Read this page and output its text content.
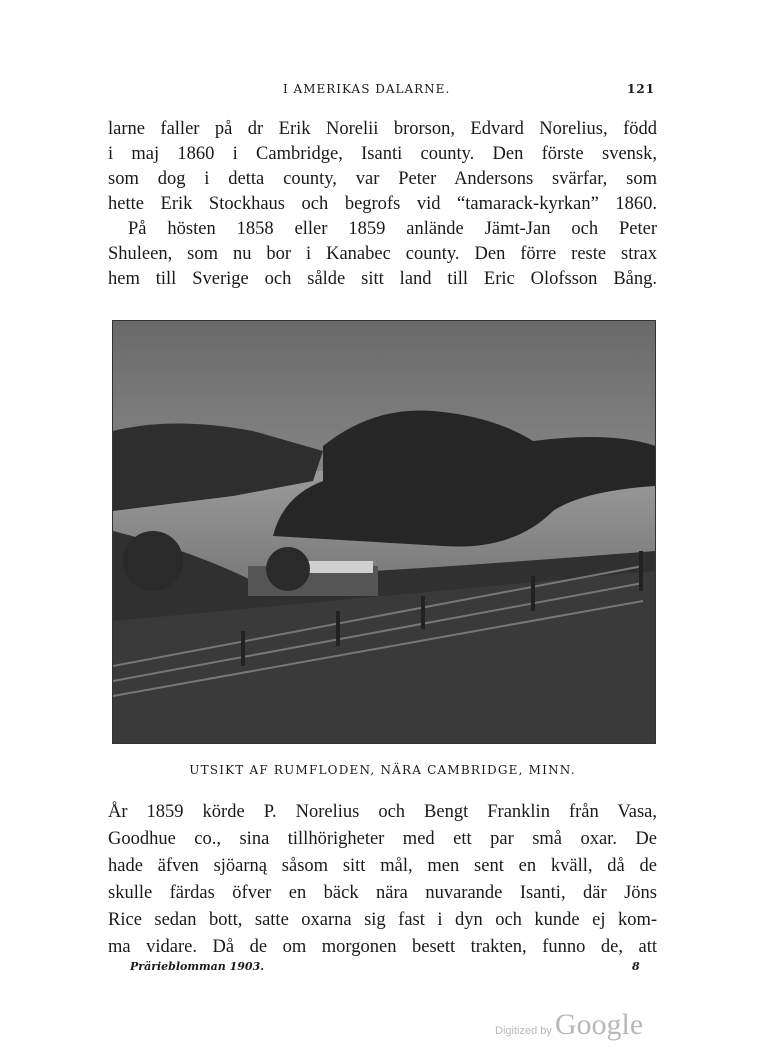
I AMERIKAS DALARNE.	121
larne faller på dr Erik Norelii brorson, Edvard Norelius, född
i maj 1860 i Cambridge, Isanti county. Den förste svensk,
som dog i detta county, var Peter Andersons svärfar, som
hette Erik Stockhaus och begrofs vid “tamarack-kyrkan” 1860.
På hösten 1858 eller 1859 anlände Jämt-Jan och Peter
Shuleen, som nu bor i Kanabec county. Den förre reste strax
hem till Sverige och sålde sitt land till Eric Olofsson Bång.
UTSIKT AF RUMFLODEN, NÄRA CAMBRIDGE, MINN.
År 1859 körde P. Norelius och Bengt Franklin från Vasa,
Goodhue co., sina tillhörigheter med ett par små oxar. De
hade äfven sjöarną såsom sitt mål, men sent en kväll, då de
skulle färdas öfver en bäck nära nuvarande Isanti, där Jöns
Rice sedan bott, satte oxarna sig fast i dyn och kunde ej kom-
ma vidare. Då de om morgonen besett trakten, funno de, att
Prärieblomman 1903.	8
Digitized by Google
